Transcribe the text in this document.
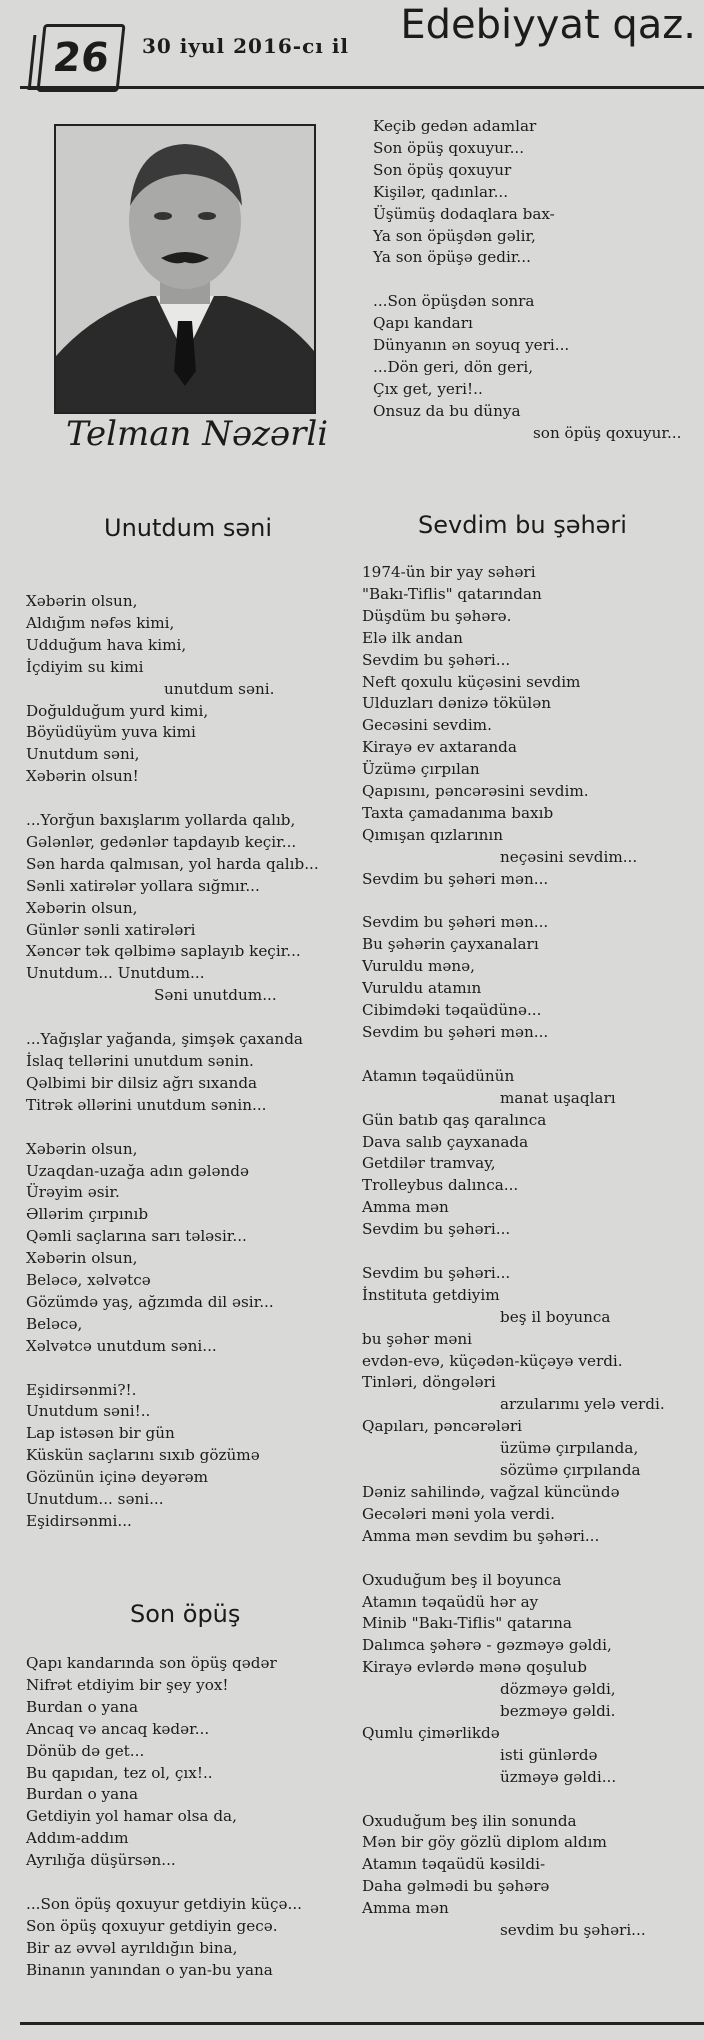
26	30 iyul 2016-cı il Edebiyyat qaz.
Telman Nəzərli
Keçib gedən adamlar
Son öpüş qoxuyur...
Son öpüş qoxuyur
Kişilər, qadınlar...
Üşümüş dodaqlara bax-
Ya son öpüşdən gəlir,
Ya son öpüşə gedir...
...Son öpüşdən sonra
Qapı kandarı
Dünyanın ən soyuq yeri...
...Dön geri, dön geri,
Çıx get, yeri!..
Onsuz da bu dünya
son öpüş qoxuyur...
Unutdum səni
Xəbərin olsun,
Aldığım nəfəs kimi,
Udduğum hava kimi,
İçdiyim su kimi
unutdum səni.
Doğulduğum yurd kimi,
Böyüdüyüm yuva kimi
Unutdum səni,
Xəbərin olsun!
...Yorğun baxışlarım yollarda qalıb,
Gələnlər, gedənlər tapdayıb keçir...
Sən harda qalmısan, yol harda qalıb...
Sənli xatirələr yollara sığmır...
Xəbərin olsun,
Günlər sənli xatirələri
Xəncər tək qəlbimə saplayıb keçir...
Unutdum... Unutdum...
Səni unutdum...
...Yağışlar yağanda, şimşək çaxanda
İslaq tellərini unutdum sənin.
Qəlbimi bir dilsiz ağrı sıxanda
Titrək əllərini unutdum sənin...
Xəbərin olsun,
Uzaqdan-uzağa adın gələndə
Ürəyim əsir.
Əllərim çırpınıb
Qəmli saçlarına sarı tələsir...
Xəbərin olsun,
Beləcə, xəlvətcə
Gözümdə yaş, ağzımda dil əsir...
Beləcə,
Xəlvətcə unutdum səni...
Eşidirsənmi?!.
Unutdum səni!..
Lap istəsən bir gün
Küskün saçlarını sıxıb gözümə
Gözünün içinə deyərəm
Unutdum... səni...
Eşidirsənmi...
Son öpüş
Qapı kandarında son öpüş qədər
Nifrət etdiyim bir şey yox!
Burdan o yana
Ancaq və ancaq kədər...
Dönüb də get...
Bu qapıdan, tez ol, çıx!..
Burdan o yana
Getdiyin yol hamar olsa da,
Addım-addım
Ayrılığa düşürsən...
...Son öpüş qoxuyur getdiyin küçə...
Son öpüş qoxuyur getdiyin gecə.
Bir az əvvəl ayrıldığın bina,
Binanın yanından o yan-bu yana
Sevdim bu şəhəri
1974-ün bir yay səhəri
"Bakı-Tiflis" qatarından
Düşdüm bu şəhərə.
Elə ilk andan
Sevdim bu şəhəri...
Neft qoxulu küçəsini sevdim
Ulduzları dənizə tökülən
Gecəsini sevdim.
Kirayə ev axtaranda
Üzümə çırpılan
Qapısını, pəncərəsini sevdim.
Taxta çamadanıma baxıb
Qımışan qızlarının
neçəsini sevdim...
Sevdim bu şəhəri mən...
Sevdim bu şəhəri mən...
Bu şəhərin çayxanaları
Vuruldu mənə,
Vuruldu atamın
Cibimdəki təqaüdünə...
Sevdim bu şəhəri mən...
Atamın təqaüdünün
manat uşaqları
Gün batıb qaş qaralınca
Dava salıb çayxanada
Getdilər tramvay,
Trolleybus dalınca...
Amma mən
Sevdim bu şəhəri...
Sevdim bu şəhəri...
İnstituta getdiyim
beş il boyunca
bu şəhər məni
evdən-evə, küçədən-küçəyə verdi.
Tinləri, döngələri
arzularımı yelə verdi.
Qapıları, pəncərələri
üzümə çırpılanda,
sözümə çırpılanda
Dəniz sahilində, vağzal küncündə
Gecələri məni yola verdi.
Amma mən sevdim bu şəhəri...
Oxuduğum beş il boyunca
Atamın təqaüdü hər ay
Minib "Bakı-Tiflis" qatarına
Dalımca şəhərə - gəzməyə gəldi,
Kirayə evlərdə mənə qoşulub
dözməyə gəldi,
bezməyə gəldi.
Qumlu çimərlikdə
isti günlərdə
üzməyə gəldi...
Oxuduğum beş ilin sonunda
Mən bir göy gözlü diplom aldım
Atamın təqaüdü kəsildi-
Daha gəlmədi bu şəhərə
Amma mən
sevdim bu şəhəri...
